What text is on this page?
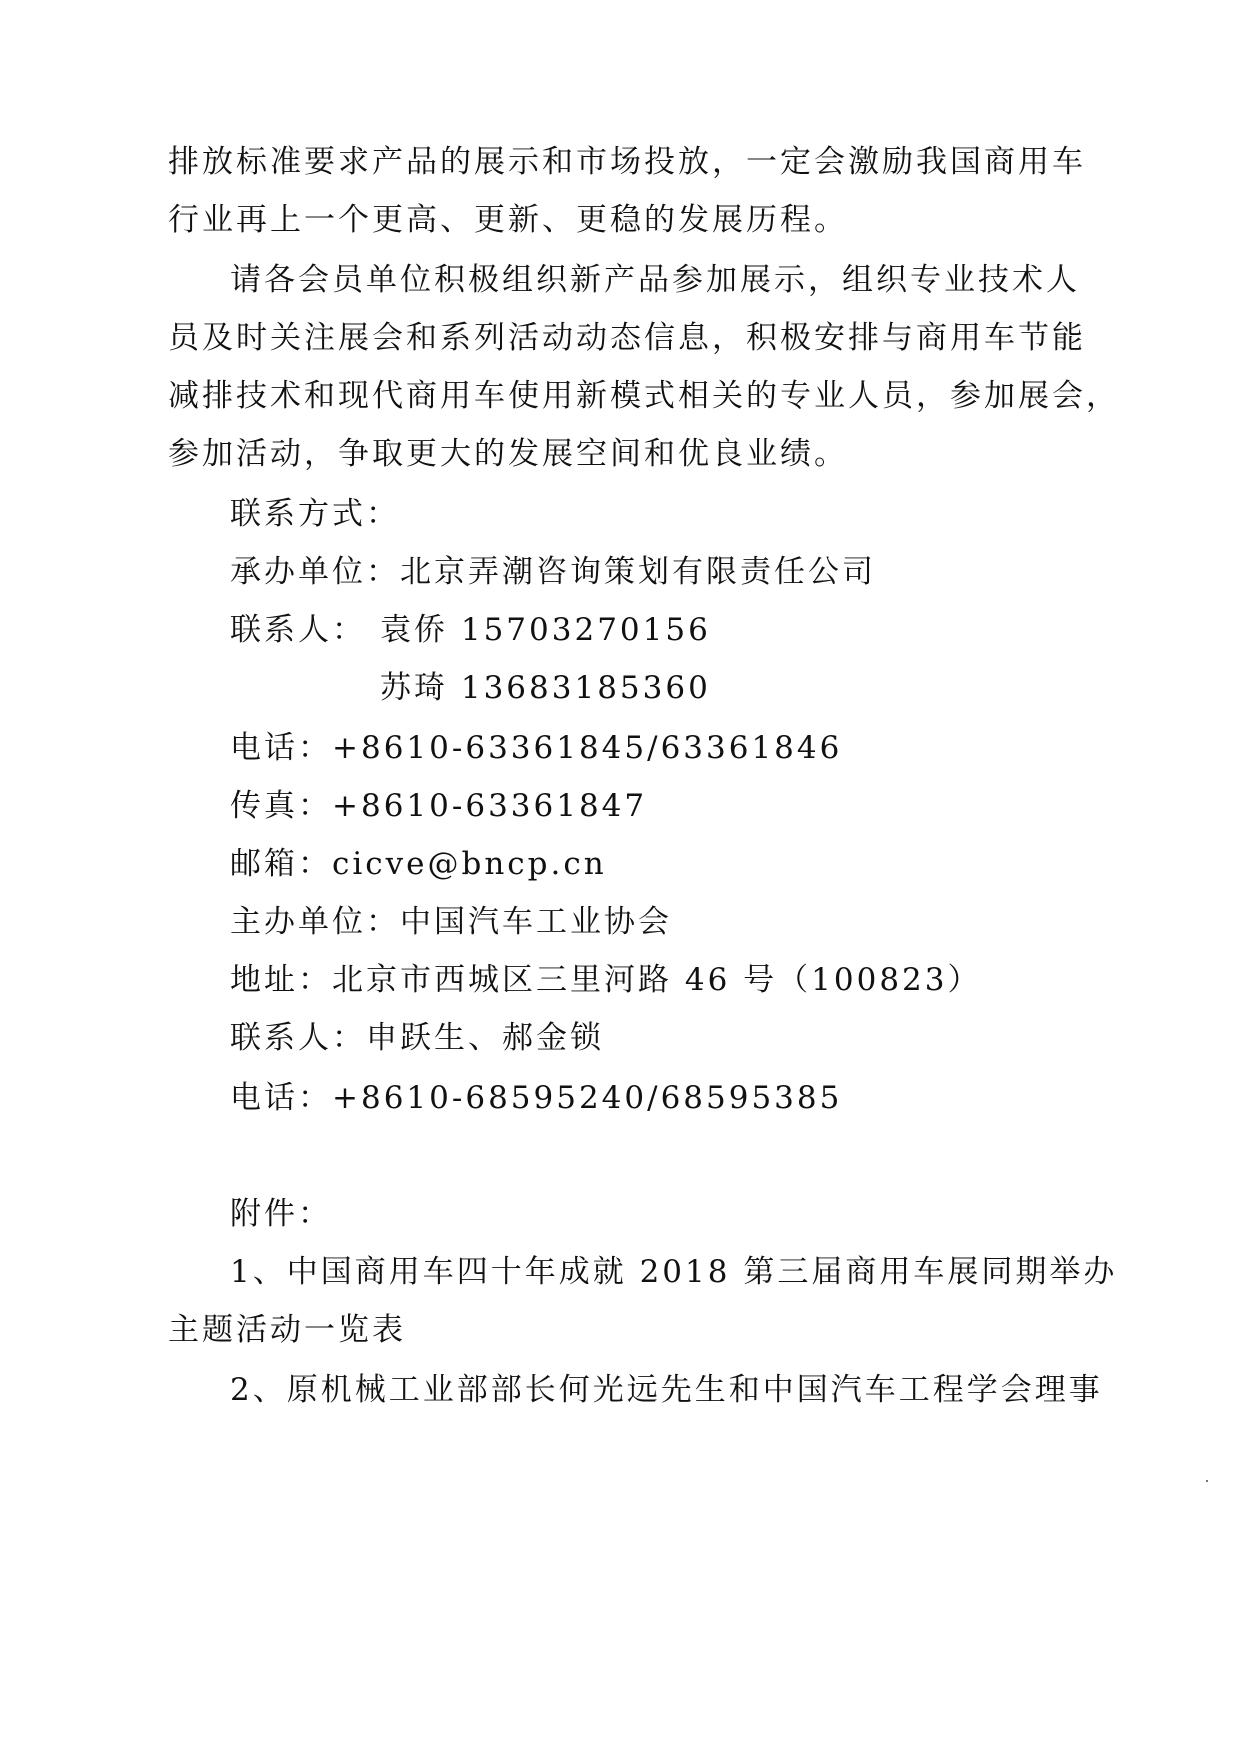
排放标准要求产品的展示和市场投放，一定会激励我国商用车
行业再上一个更高、更新、更稳的发展历程。
请各会员单位积极组织新产品参加展示，组织专业技术人
员及时关注展会和系列活动动态信息，积极安排与商用车节能
减排技术和现代商用车使用新模式相关的专业人员，参加展会，
参加活动，争取更大的发展空间和优良业绩。
联系方式：
承办单位：北京弄潮咨询策划有限责任公司
联系人： 袁侨 15703270156
苏琦 13683185360
电话：+8610-63361845/63361846
传真：+8610-63361847
邮箱：cicve@bncp.cn
主办单位：中国汽车工业协会
地址：北京市西城区三里河路 46 号（100823）
联系人：申跃生、郝金锁
电话：+8610-68595240/68595385
附件：
1、中国商用车四十年成就 2018 第三届商用车展同期举办
主题活动一览表
2、原机械工业部部长何光远先生和中国汽车工程学会理事
